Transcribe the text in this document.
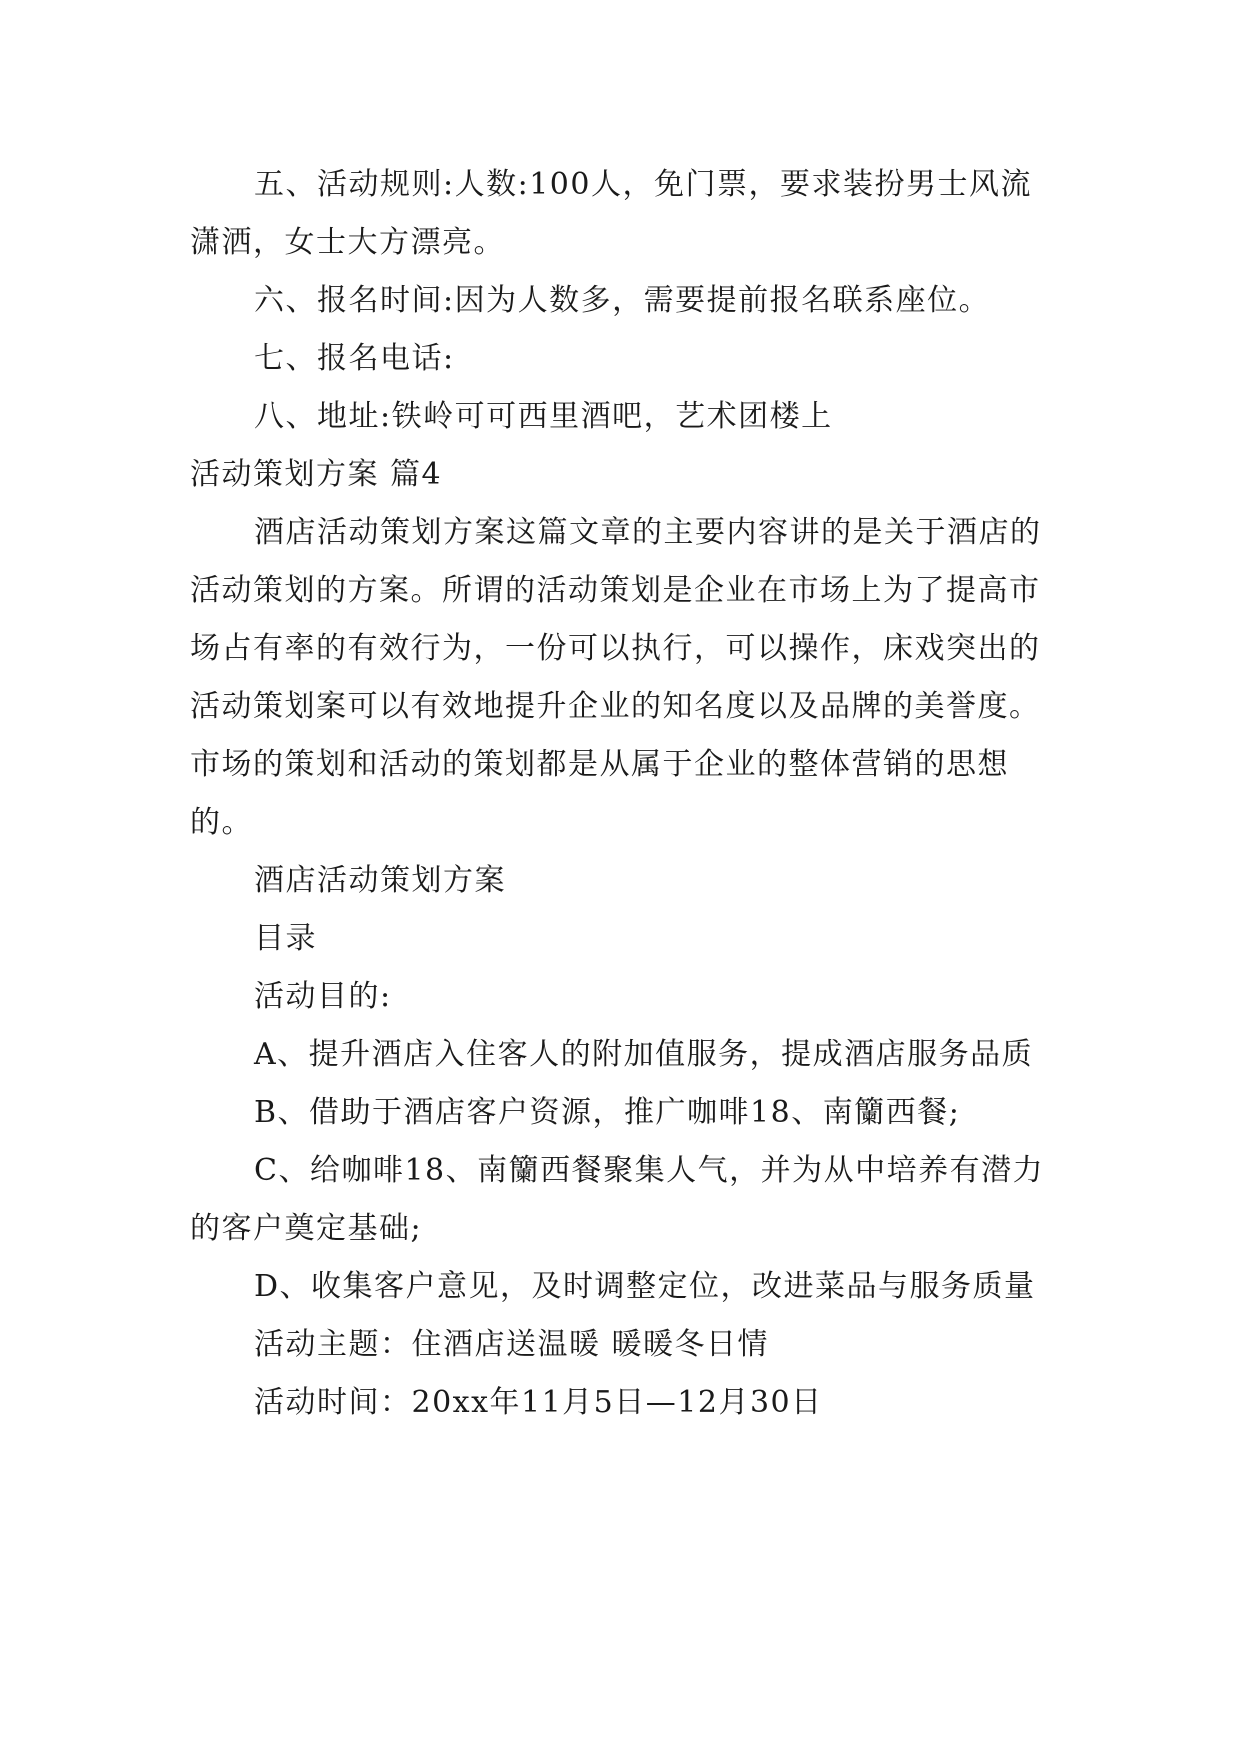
五、活动规则:人数:100人，免门票，要求装扮男士风流潇洒，女士大方漂亮。

六、报名时间:因为人数多，需要提前报名联系座位。

七、报名电话:

八、地址:铁岭可可西里酒吧，艺术团楼上

活动策划方案 篇4

酒店活动策划方案这篇文章的主要内容讲的是关于酒店的活动策划的方案。所谓的活动策划是企业在市场上为了提高市场占有率的有效行为，一份可以执行，可以操作，床戏突出的活动策划案可以有效地提升企业的知名度以及品牌的美誉度。市场的策划和活动的策划都是从属于企业的整体营销的思想的。

酒店活动策划方案

目录

活动目的:

A、提升酒店入住客人的附加值服务，提成酒店服务品质

B、借助于酒店客户资源，推广咖啡18、南籣西餐;

C、给咖啡18、南籣西餐聚集人气，并为从中培养有潜力的客户奠定基础;

D、收集客户意见，及时调整定位，改进菜品与服务质量

活动主题：住酒店送温暖 暖暖冬日情

活动时间：20xx年11月5日—12月30日
